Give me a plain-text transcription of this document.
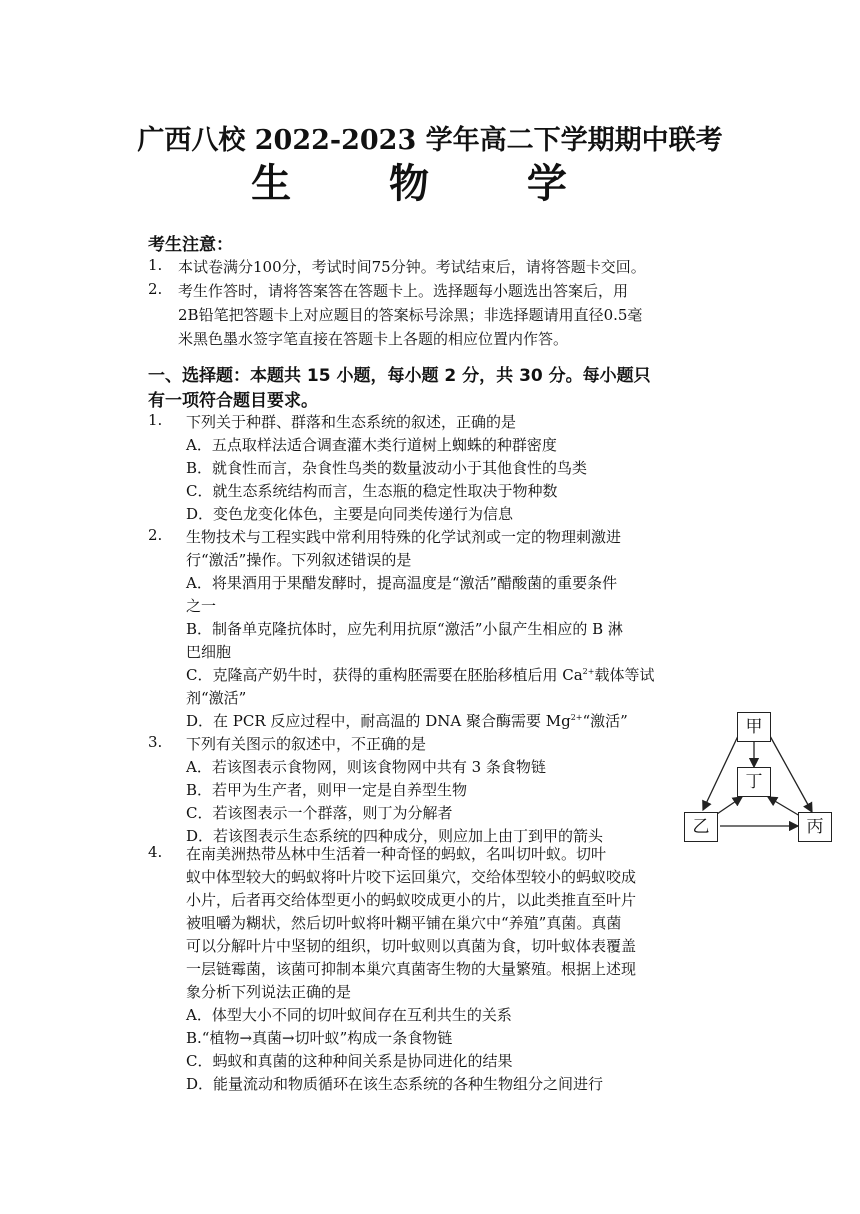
广西八校 2022-2023 学年高二下学期期中联考
生 物 学
考生注意：
1. 本试卷满分100分，考试时间75分钟。考试结束后，请将答题卡交回。
2. 考生作答时，请将答案答在答题卡上。选择题每小题选出答案后，用
2B铅笔把答题卡上对应题目的答案标号涂黑；非选择题请用直径0.5毫
米黑色墨水签字笔直接在答题卡上各题的相应位置内作答。
一、选择题：本题共 15 小题，每小题 2 分，共 30 分。每小题只
有一项符合题目要求。
1. 下列关于种群、群落和生态系统的叙述，正确的是
A．五点取样法适合调查灌木类行道树上蜘蛛的种群密度
B．就食性而言，杂食性鸟类的数量波动小于其他食性的鸟类
C．就生态系统结构而言，生态瓶的稳定性取决于物种数
D．变色龙变化体色，主要是向同类传递行为信息
2. 生物技术与工程实践中常利用特殊的化学试剂或一定的物理刺激进
行“激活”操作。下列叙述错误的是
A．将果酒用于果醋发酵时，提高温度是“激活”醋酸菌的重要条件
之一
B．制备单克隆抗体时，应先利用抗原“激活”小鼠产生相应的 B 淋
巴细胞
C．克隆高产奶牛时，获得的重构胚需要在胚胎移植后用 $Ca^{2+}$载体等试
剂“激活”
D．在 PCR 反应过程中，耐高温的 DNA 聚合酶需要 $Mg^{2+}“$激活”
3. 下列有关图示的叙述中，不正确的是
A．若该图表示食物网，则该食物网中共有 3 条食物链
B．若甲为生产者，则甲一定是自养型生物
C．若该图表示一个群落，则丁为分解者
D．若该图表示生态系统的四种成分，则应加上由丁到甲的箭头
甲
丁
乙	丙
4. 在南美洲热带丛林中生活着一种奇怪的蚂蚁，名叫切叶蚁。切叶
蚁中体型较大的蚂蚁将叶片咬下运回巢穴，交给体型较小的蚂蚁咬成
小片，后者再交给体型更小的蚂蚁咬成更小的片，以此类推直至叶片
被咀嚼为糊状，然后切叶蚁将叶糊平铺在巢穴中“养殖”真菌。真菌
可以分解叶片中坚韧的组织，切叶蚁则以真菌为食，切叶蚁体表覆盖
一层链霉菌，该菌可抑制本巢穴真菌寄生物的大量繁殖。根据上述现
象分析下列说法正确的是
A．体型大小不同的切叶蚁间存在互利共生的关系
B.“植物→真菌→切叶蚁”构成一条食物链
C．蚂蚁和真菌的这种种间关系是协同进化的结果
D．能量流动和物质循环在该生态系统的各种生物组分之间进行
